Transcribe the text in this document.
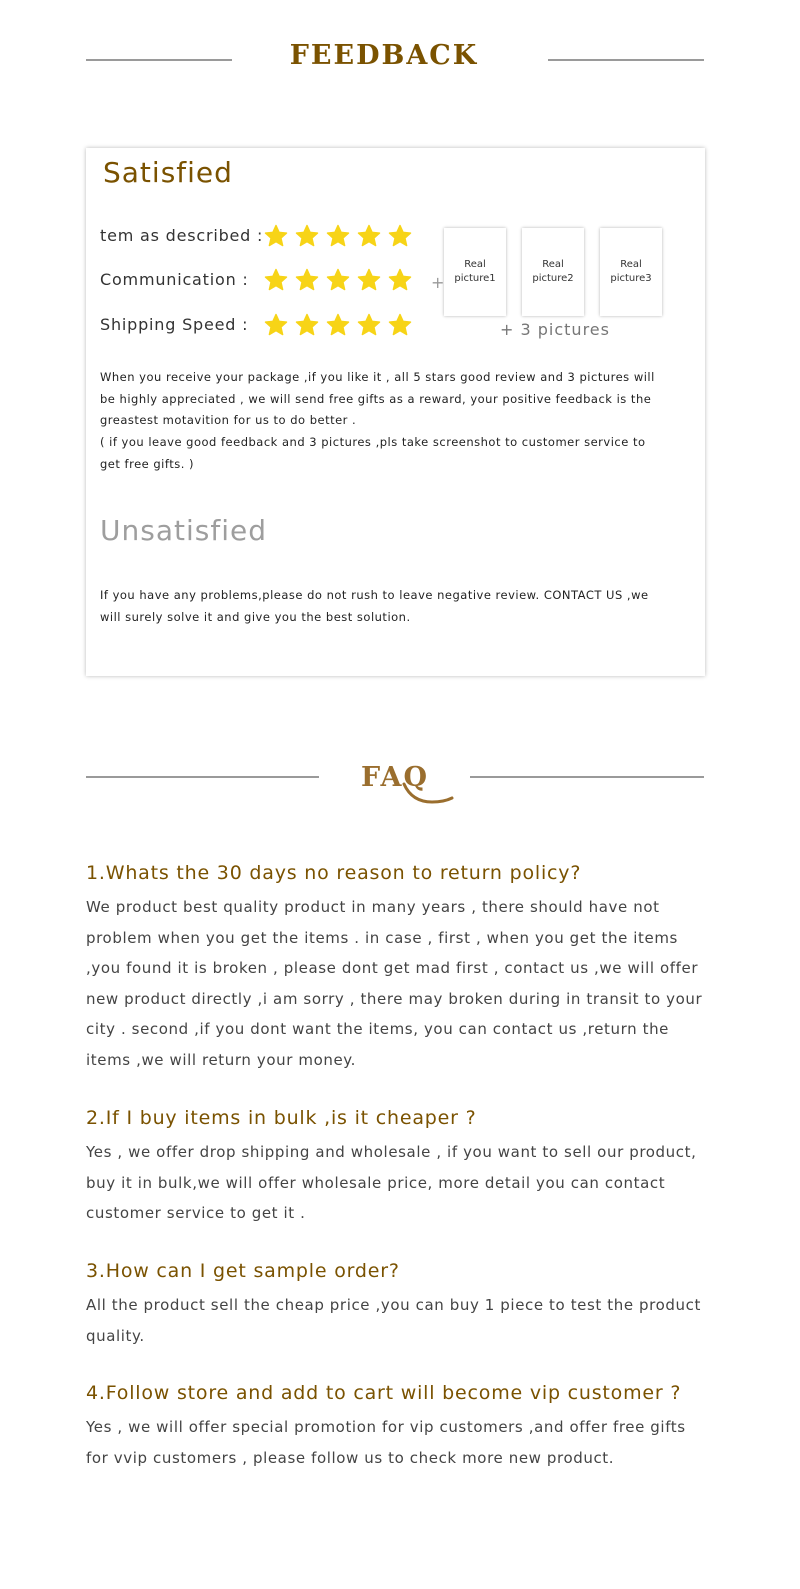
FEEDBACK
Satisfied
tem as described :
Communication :
Shipping Speed :
+
Real picture1
Real picture2
Real picture3
+ 3 pictures
When you receive your package ,if you like it , all 5 stars good review and 3 pictures will be highly appreciated , we will send free gifts as a reward, your positive feedback is the greastest motavition for us to do better .
( if you leave good feedback and 3 pictures ,pls take screenshot to customer service to get free gifts. )
Unsatisfied
If you have any problems,please do not rush to leave negative review. CONTACT US ,we will surely solve it and give you the best solution.
FAQ
1.Whats the 30 days no reason to return policy?
We product best quality product in many years , there should have not problem when you get the items . in case , first , when you get the items ,you found it is broken , please dont get mad first , contact us ,we will offer new product directly ,i am sorry , there may broken during in transit to your city . second ,if you dont want the items, you can contact us ,return the items ,we will return your money.
2.If I buy items in bulk ,is it cheaper ?
Yes , we offer drop shipping and wholesale , if you want to sell our product, buy it in bulk,we will offer wholesale price, more detail you can contact customer service to get it .
3.How can I get sample order?
All the product sell the cheap price ,you can buy 1 piece to test the product quality.
4.Follow store and add to cart will become vip customer ?
Yes , we will offer special promotion for vip customers ,and offer free gifts for vvip customers , please follow us to check more new product.
